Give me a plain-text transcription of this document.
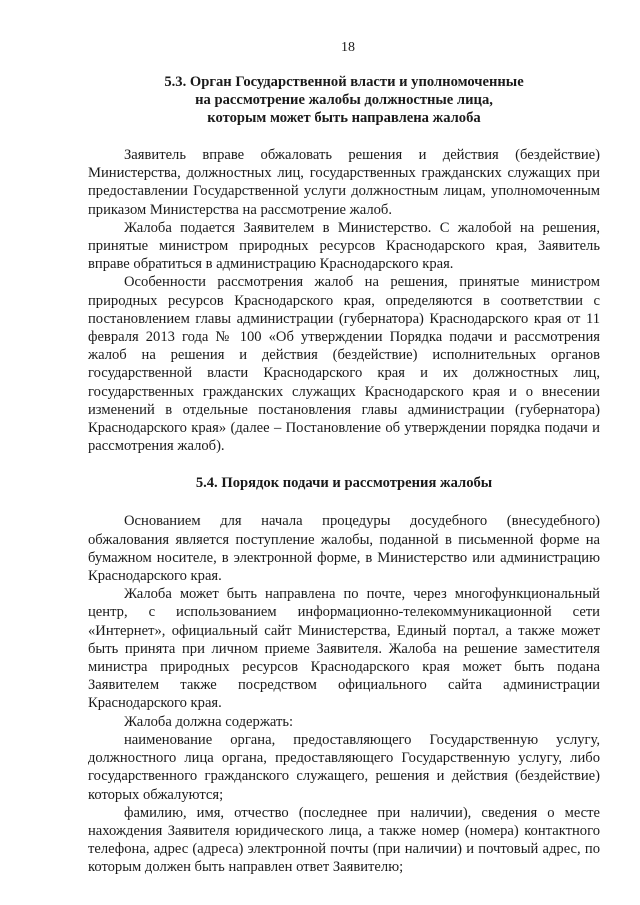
18
5.3. Орган Государственной власти и уполномоченные
на рассмотрение жалобы должностные лица,
которым может быть направлена жалоба

Заявитель вправе обжаловать решения и действия (бездействие) Министерства, должностных лиц, государственных гражданских служащих при предоставлении Государственной услуги должностным лицам, уполномоченным приказом Министерства на рассмотрение жалоб.

Жалоба подается Заявителем в Министерство. С жалобой на решения, принятые министром природных ресурсов Краснодарского края, Заявитель вправе обратиться в администрацию Краснодарского края.

Особенности рассмотрения жалоб на решения, принятые министром природных ресурсов Краснодарского края, определяются в соответствии с постановлением главы администрации (губернатора) Краснодарского края от 11 февраля 2013 года № 100 «Об утверждении Порядка подачи и рассмотрения жалоб на решения и действия (бездействие) исполнительных органов государственной власти Краснодарского края и их должностных лиц, государственных гражданских служащих Краснодарского края и о внесении изменений в отдельные постановления главы администрации (губернатора) Краснодарского края» (далее – Постановление об утверждении порядка подачи и рассмотрения жалоб).

5.4. Порядок подачи и рассмотрения жалобы

Основанием для начала процедуры досудебного (внесудебного) обжалования является поступление жалобы, поданной в письменной форме на бумажном носителе, в электронной форме, в Министерство или администрацию Краснодарского края.

Жалоба может быть направлена по почте, через многофункциональный центр, с использованием информационно-телекоммуникационной сети «Интернет», официальный сайт Министерства, Единый портал, а также может быть принята при личном приеме Заявителя. Жалоба на решение заместителя министра природных ресурсов Краснодарского края может быть подана Заявителем также посредством официального сайта администрации Краснодарского края.

Жалоба должна содержать:

наименование органа, предоставляющего Государственную услугу, должностного лица органа, предоставляющего Государственную услугу, либо государственного гражданского служащего, решения и действия (бездействие) которых обжалуются;

фамилию, имя, отчество (последнее при наличии), сведения о месте нахождения Заявителя юридического лица, а также номер (номера) контактного телефона, адрес (адреса) электронной почты (при наличии) и почтовый адрес, по которым должен быть направлен ответ Заявителю;
